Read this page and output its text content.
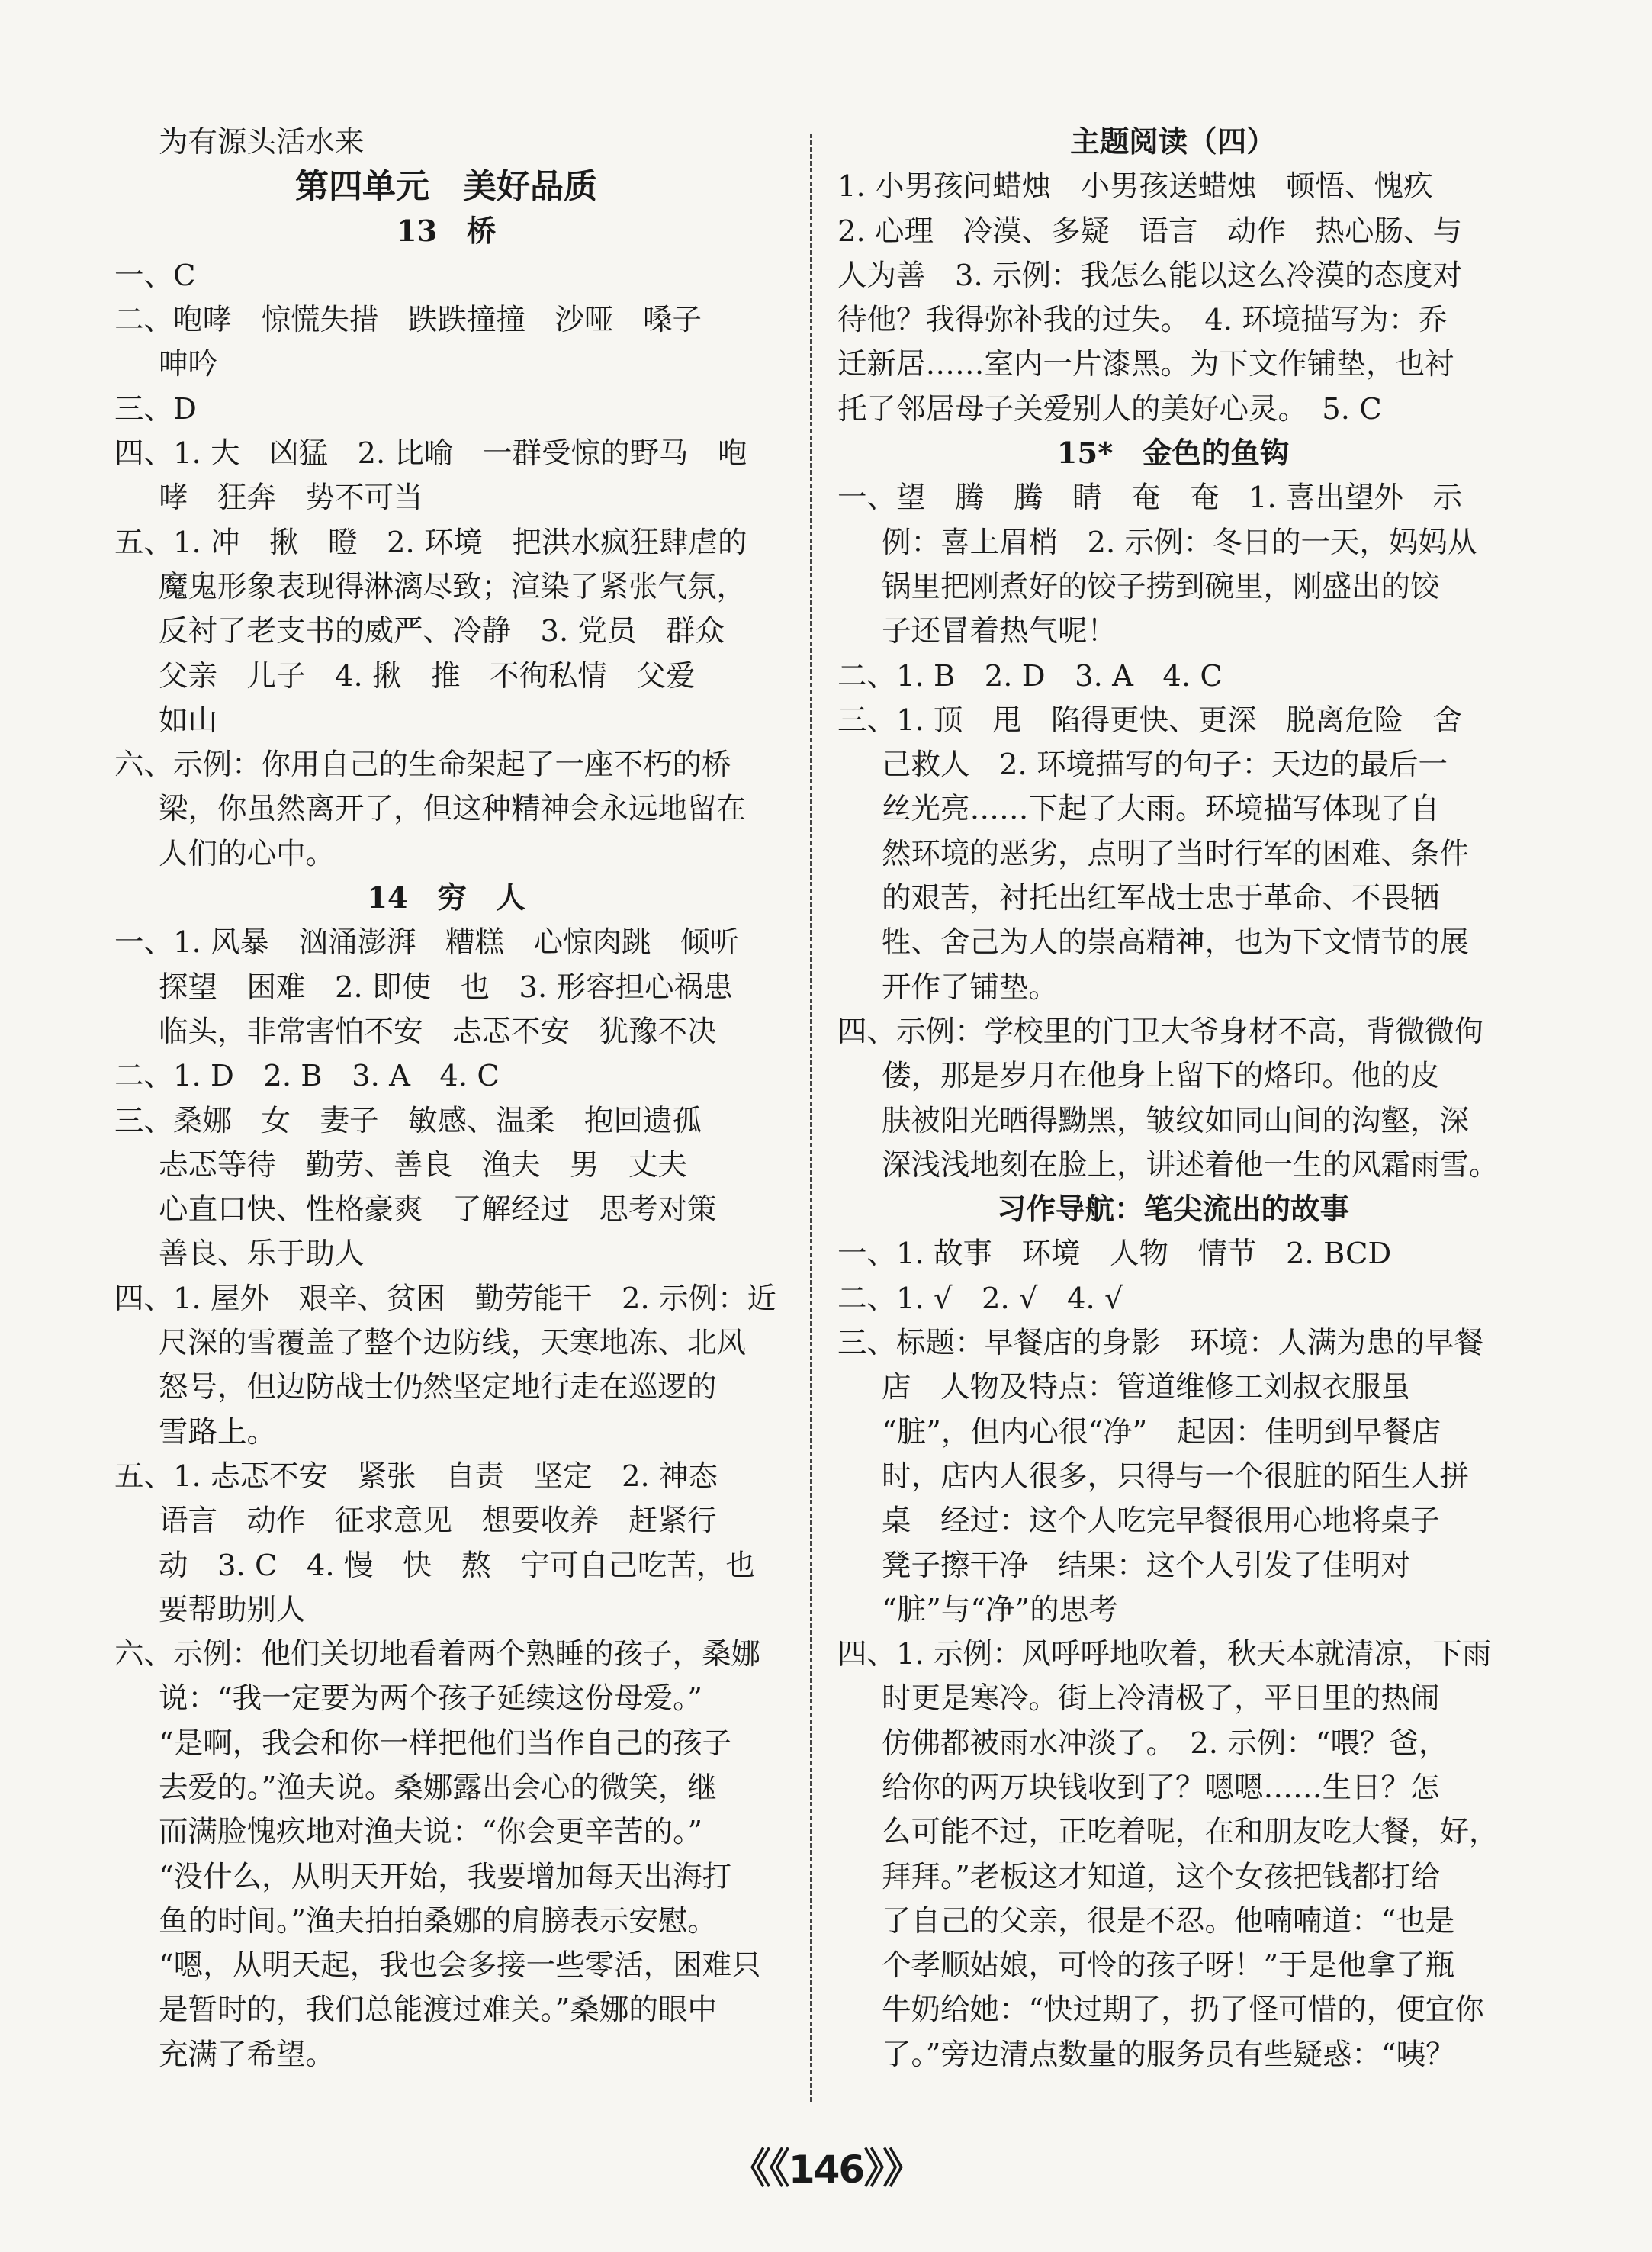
为有源头活水来
第四单元　美好品质
13　桥
一、C
二、咆哮　惊慌失措　跌跌撞撞　沙哑　嗓子
呻吟
三、D
四、1. 大　凶猛　2. 比喻　一群受惊的野马　咆
哮　狂奔　势不可当
五、1. 冲　揪　瞪　2. 环境　把洪水疯狂肆虐的
魔鬼形象表现得淋漓尽致；渲染了紧张气氛，
反衬了老支书的威严、冷静　3. 党员　群众
父亲　儿子　4. 揪　推　不徇私情　父爱
如山
六、示例：你用自己的生命架起了一座不朽的桥
梁，你虽然离开了，但这种精神会永远地留在
人们的心中。
14　穷　人
一、1. 风暴　汹涌澎湃　糟糕　心惊肉跳　倾听
探望　困难　2. 即使　也　3. 形容担心祸患
临头，非常害怕不安　忐忑不安　犹豫不决
二、1. D　2. B　3. A　4. C
三、桑娜　女　妻子　敏感、温柔　抱回遗孤
忐忑等待　勤劳、善良　渔夫　男　丈夫
心直口快、性格豪爽　了解经过　思考对策
善良、乐于助人
四、1. 屋外　艰辛、贫困　勤劳能干　2. 示例：近
尺深的雪覆盖了整个边防线，天寒地冻、北风
怒号，但边防战士仍然坚定地行走在巡逻的
雪路上。
五、1. 忐忑不安　紧张　自责　坚定　2. 神态
语言　动作　征求意见　想要收养　赶紧行
动　3. C　4. 慢　快　熬　宁可自己吃苦，也
要帮助别人
六、示例：他们关切地看着两个熟睡的孩子，桑娜
说：“我一定要为两个孩子延续这份母爱。”
“是啊，我会和你一样把他们当作自己的孩子
去爱的。”渔夫说。桑娜露出会心的微笑，继
而满脸愧疚地对渔夫说：“你会更辛苦的。”
“没什么，从明天开始，我要增加每天出海打
鱼的时间。”渔夫拍拍桑娜的肩膀表示安慰。
“嗯，从明天起，我也会多接一些零活，困难只
是暂时的，我们总能渡过难关。”桑娜的眼中
充满了希望。
主题阅读（四）
1. 小男孩问蜡烛　小男孩送蜡烛　顿悟、愧疚
2. 心理　冷漠、多疑　语言　动作　热心肠、与
人为善　3. 示例：我怎么能以这么冷漠的态度对
待他？我得弥补我的过失。　4. 环境描写为：乔
迁新居……室内一片漆黑。为下文作铺垫，也衬
托了邻居母子关爱别人的美好心灵。　5. C
15*　金色的鱼钩
一、望　腾　腾　睛　奄　奄　1. 喜出望外　示
例：喜上眉梢　2. 示例：冬日的一天，妈妈从
锅里把刚煮好的饺子捞到碗里，刚盛出的饺
子还冒着热气呢！
二、1. B　2. D　3. A　4. C
三、1. 顶　甩　陷得更快、更深　脱离危险　舍
己救人　2. 环境描写的句子：天边的最后一
丝光亮……下起了大雨。环境描写体现了自
然环境的恶劣，点明了当时行军的困难、条件
的艰苦，衬托出红军战士忠于革命、不畏牺
牲、舍己为人的崇高精神，也为下文情节的展
开作了铺垫。
四、示例：学校里的门卫大爷身材不高，背微微佝
偻，那是岁月在他身上留下的烙印。他的皮
肤被阳光晒得黝黑，皱纹如同山间的沟壑，深
深浅浅地刻在脸上，讲述着他一生的风霜雨雪。
习作导航：笔尖流出的故事
一、1. 故事　环境　人物　情节　2. BCD
二、1. √　2. √　4. √
三、标题：早餐店的身影　环境：人满为患的早餐
店　人物及特点：管道维修工刘叔衣服虽
“脏”，但内心很“净”　起因：佳明到早餐店
时，店内人很多，只得与一个很脏的陌生人拼
桌　经过：这个人吃完早餐很用心地将桌子
凳子擦干净　结果：这个人引发了佳明对
“脏”与“净”的思考
四、1. 示例：风呼呼地吹着，秋天本就清凉，下雨
时更是寒冷。街上冷清极了，平日里的热闹
仿佛都被雨水冲淡了。　2. 示例：“喂？爸，
给你的两万块钱收到了？嗯嗯……生日？怎
么可能不过，正吃着呢，在和朋友吃大餐，好，
拜拜。”老板这才知道，这个女孩把钱都打给
了自己的父亲，很是不忍。他喃喃道：“也是
个孝顺姑娘，可怜的孩子呀！”于是他拿了瓶
牛奶给她：“快过期了，扔了怪可惜的，便宜你
了。”旁边清点数量的服务员有些疑惑：“咦？
《《146》》
